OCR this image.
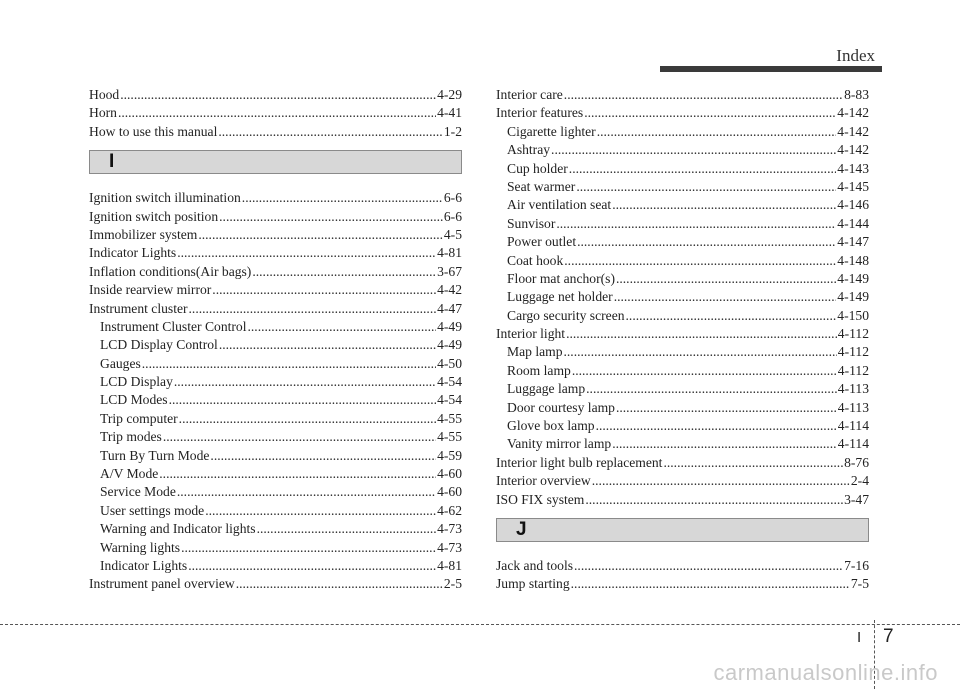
Index
Hood .....	4-29
Horn .....	4-41
How to use this manual .....	1-2
I
Ignition switch illumination .....	6-6
Ignition switch position .....	6-6
Immobilizer system .....	4-5
Indicator Lights .....	4-81
Inflation conditions(Air bags) .....	3-67
Inside rearview mirror .....	4-42
Instrument cluster .....	4-47
Instrument Cluster Control .....	4-49
LCD Display Control .....	4-49
Gauges .....	4-50
LCD Display .....	4-54
LCD Modes .....	4-54
Trip computer .....	4-55
Trip modes .....	4-55
Turn By Turn Mode .....	4-59
A/V Mode .....	4-60
Service Mode .....	4-60
User settings mode .....	4-62
Warning and Indicator lights .....	4-73
Warning lights .....	4-73
Indicator Lights .....	4-81
Instrument panel overview .....	2-5
Interior care .....	8-83
Interior features .....	4-142
Cigarette lighter .....	4-142
Ashtray .....	4-142
Cup holder .....	4-143
Seat warmer .....	4-145
Air ventilation seat .....	4-146
Sunvisor .....	4-144
Power outlet .....	4-147
Coat hook .....	4-148
Floor mat anchor(s) .....	4-149
Luggage net holder .....	4-149
Cargo security screen .....	4-150
Interior light .....	4-112
Map lamp .....	4-112
Room lamp .....	4-112
Luggage lamp .....	4-113
Door courtesy lamp .....	4-113
Glove box lamp .....	4-114
Vanity mirror lamp .....	4-114
Interior light bulb replacement .....	8-76
Interior overview .....	2-4
ISO FIX system .....	3-47
J
Jack and tools .....	7-16
Jump starting .....	7-5
I 7
carmanualsonline.info
